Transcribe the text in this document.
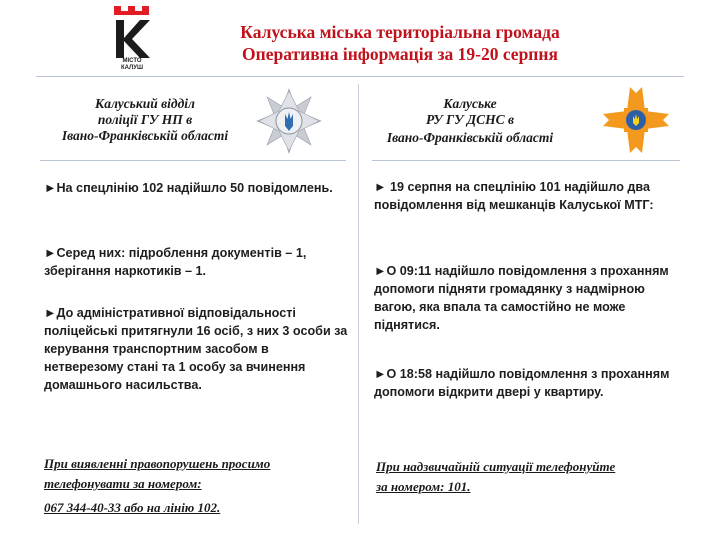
МІСТО КАЛУШ
Калуська міська територіальна громада
Оперативна інформація за 19-20 серпня
Калуський відділ
поліції ГУ НП в
Івано-Франківській області
►На спецлінію 102 надійшло 50 повідомлень.
►Серед них: підроблення документів – 1, зберігання наркотиків – 1.
►До адміністративної відповідальності поліцейські притягнули 16 осіб, з них 3 особи за керування транспортним засобом в нетверезому стані та 1 особу за вчинення домашнього насильства.
При виявленні правопорушень просимо
телефонувати за номером:
067 344-40-33 або на лінію 102.
Калуське
РУ ГУ ДСНС в
Івано-Франківській області
► 19 серпня на спецлінію 101 надійшло два повідомлення від мешканців Калуської МТГ:
►О 09:11 надійшло повідомлення з проханням допомоги підняти громадянку з надмірною вагою, яка впала та самостійно не може піднятися.
►О 18:58 надійшло повідомлення з проханням допомоги відкрити двері у квартиру.
При надзвичайній ситуації телефонуйте
за номером: 101.
